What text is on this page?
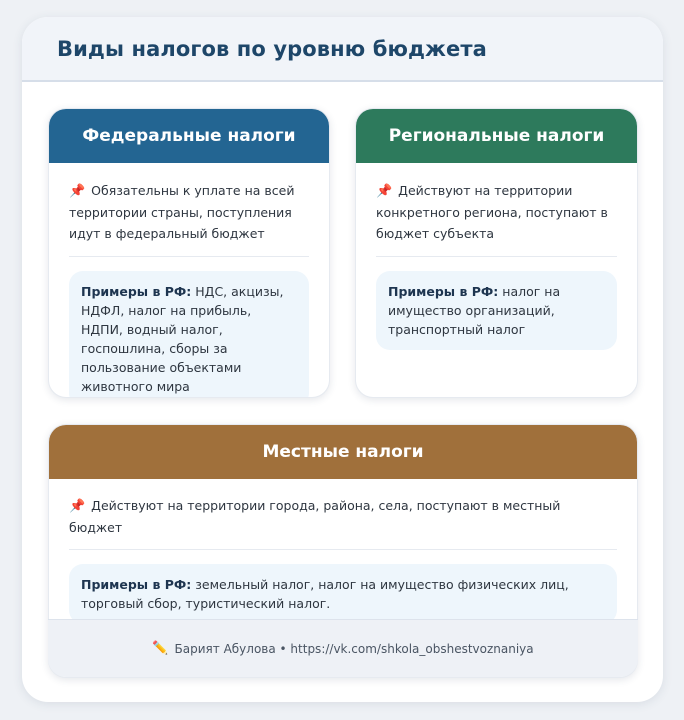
Виды налогов по уровню бюджета
Федеральные налоги
📌 Обязательны к уплате на всей территории страны, поступления идут в федеральный бюджет
Примеры в РФ: НДС, акцизы, НДФЛ, налог на прибыль, НДПИ, водный налог, госпошлина, сборы за пользование объектами животного мира
Региональные налоги
📌 Действуют на территории конкретного региона, поступают в бюджет субъекта
Примеры в РФ: налог на имущество организаций, транспортный налог
Местные налоги
📌 Действуют на территории города, района, села, поступают в местный бюджет
Примеры в РФ: земельный налог, налог на имущество физических лиц, торговый сбор, туристический налог.
✏️ Барият Абулова • https://vk.com/shkola_obshestvoznaniya
